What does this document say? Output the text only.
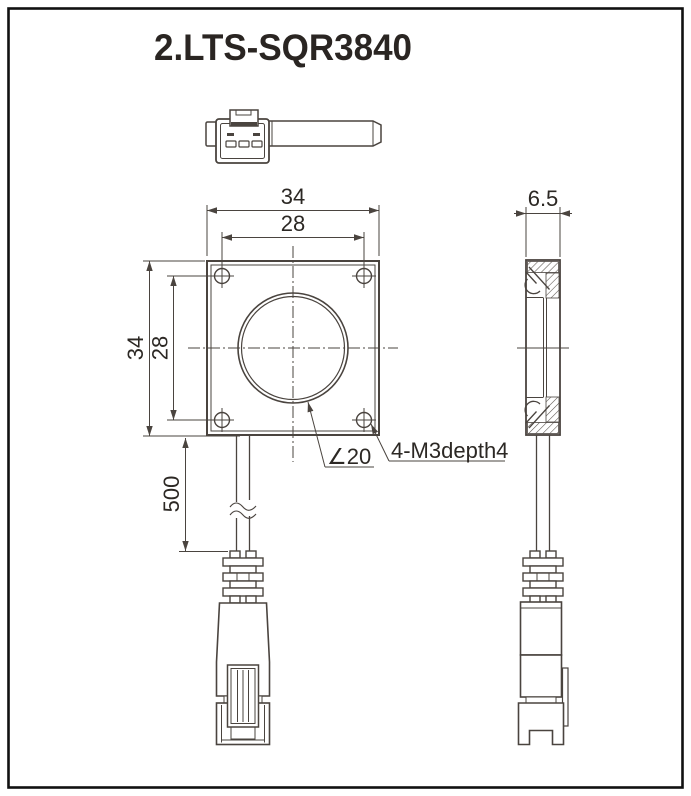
2.LTS-SQR3840
34
28
34 28
6.5
500
∠20 4-M3depth4
